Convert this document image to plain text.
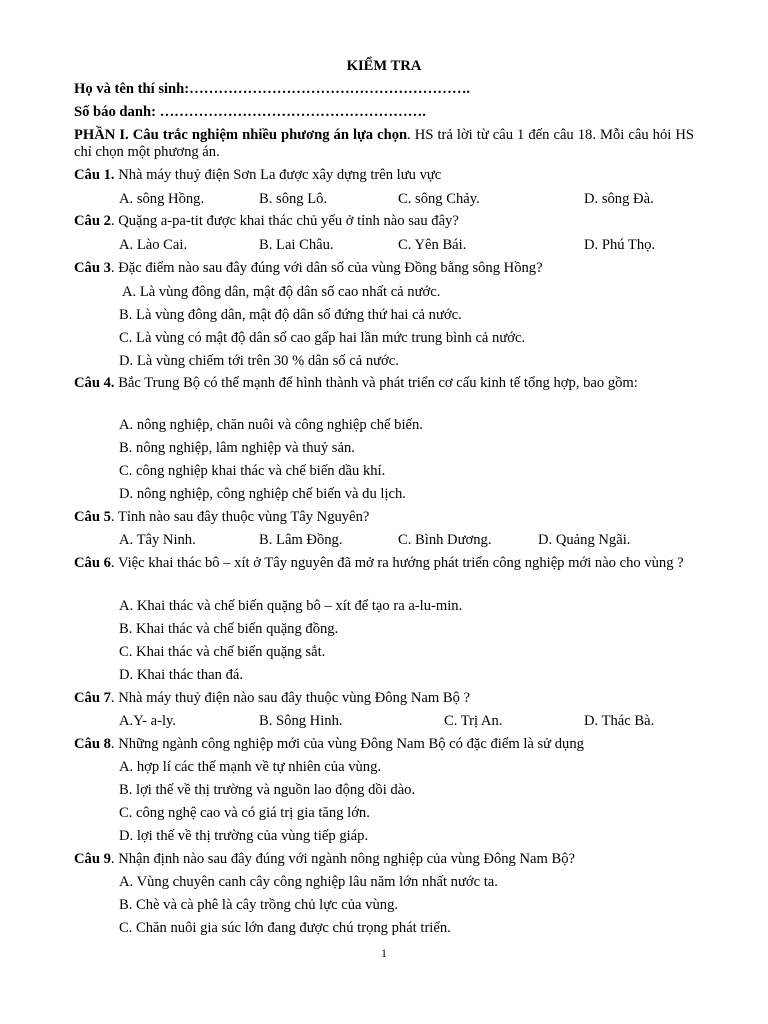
KIỂM TRA
Họ và tên thí sinh:………………………………………………….
Số báo danh: ……………………………………………….
PHẦN I. Câu trắc nghiệm nhiều phương án lựa chọn. HS trả lời từ câu 1 đến câu 18. Mỗi câu hỏi HS chỉ chọn một phương án.
Câu 1. Nhà máy thuỷ điện Sơn La được xây dựng trên lưu vực
A. sông Hồng.	B. sông Lô.	C. sông Chảy.	D. sông Đà.
Câu 2. Quặng a-pa-tit được khai thác chủ yếu ở tỉnh nào sau đây?
A. Lào Cai.	B. Lai Châu.	C. Yên Bái.	D. Phú Thọ.
Câu 3. Đặc điểm nào sau đây đúng với dân số của vùng Đồng bằng sông Hồng?
A. Là vùng đông dân, mật độ dân số cao nhất cả nước.
B. Là vùng đông dân, mật độ dân số đứng thứ hai cả nước.
C. Là vùng có mật độ dân số cao gấp hai lần mức trung bình cả nước.
D. Là vùng chiếm tới trên 30 % dân số cả nước.
Câu 4. Bắc Trung Bộ có thể mạnh để hình thành và phát triển cơ cấu kinh tế tổng hợp, bao gồm:
A. nông nghiệp, chăn nuôi và công nghiệp chế biến.
B. nông nghiệp, lâm nghiệp và thuỷ sản.
C. công nghiệp khai thác và chế biến dầu khí.
D. nông nghiệp, công nghiệp chế biến và du lịch.
Câu 5. Tỉnh nào sau đây thuộc vùng Tây Nguyên?
A. Tây Ninh.	B. Lâm Đồng.	C. Bình Dương.	D. Quảng Ngãi.
Câu 6. Việc khai thác bô – xít ở Tây nguyên đã mở ra hướng phát triển công nghiệp mới nào cho vùng ?
A. Khai thác và chế biến quặng bô – xít để tạo ra a-lu-min.
B. Khai thác và chế biến quặng đồng.
C. Khai thác và chế biến quặng sắt.
D. Khai thác than đá.
Câu 7. Nhà máy thuỷ điện nào sau đây thuộc vùng Đông Nam Bộ ?
A.Y- a-ly.	B. Sông Hinh.	C. Trị An.	D. Thác Bà.
Câu 8. Những ngành công nghiệp mới của vùng Đông Nam Bộ có đặc điểm là sử dụng
A. hợp lí các thế mạnh về tự nhiên của vùng.
B. lợi thế về thị trường và nguồn lao động dồi dào.
C. công nghệ cao và có giá trị gia tăng lớn.
D. lợi thế về thị trường của vùng tiếp giáp.
Câu 9. Nhận định nào sau đây đúng với ngành nông nghiệp của vùng Đông Nam Bộ?
A. Vùng chuyên canh cây công nghiệp lâu năm lớn nhất nước ta.
B. Chè và cà phê là cây trồng chủ lực của vùng.
C. Chăn nuôi gia súc lớn đang được chú trọng phát triển.
1
